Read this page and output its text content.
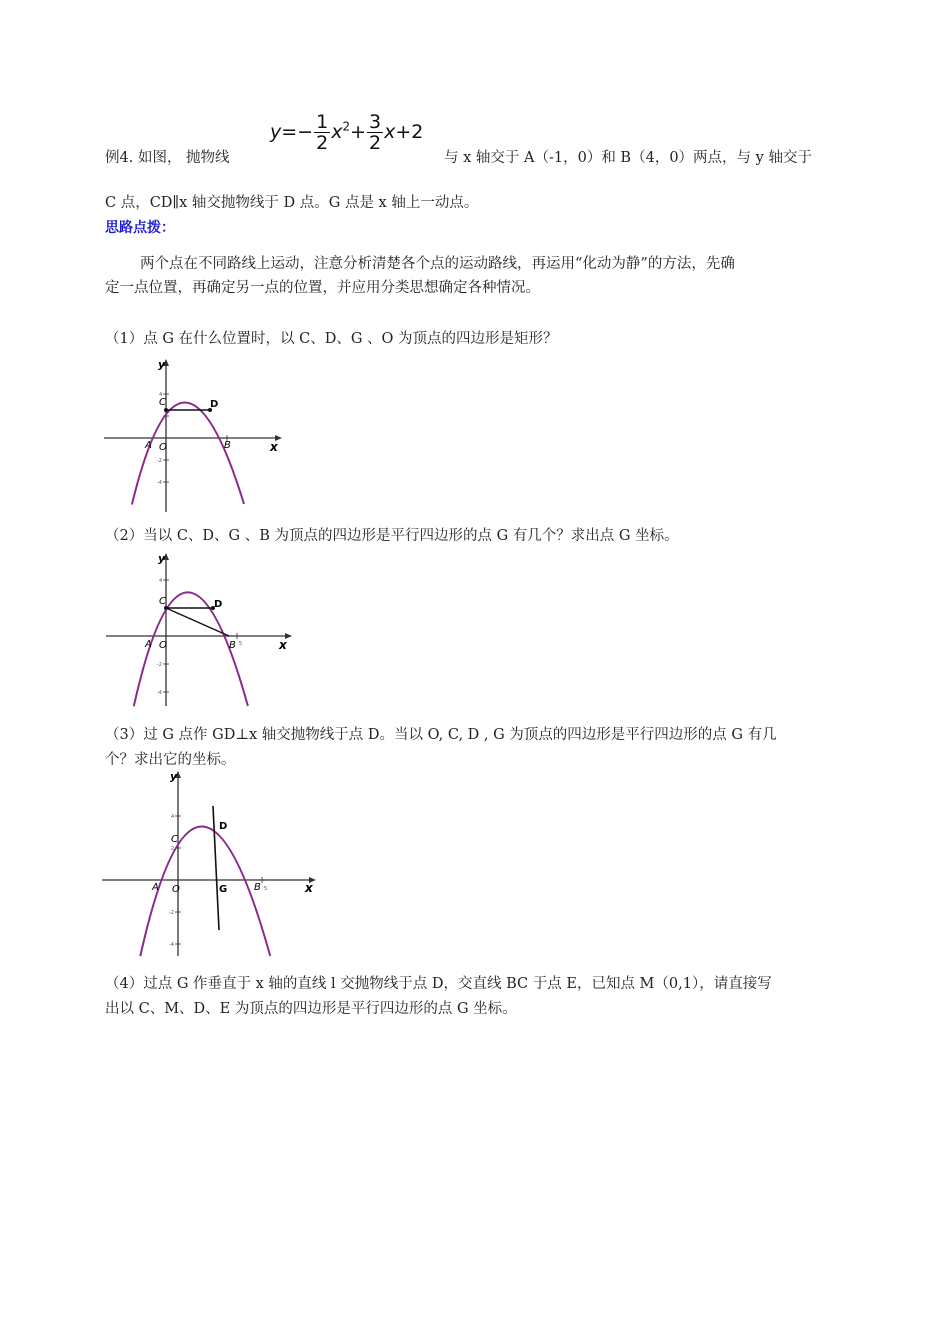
例4. 如图， 抛物线
$y=- \frac{1}{2} x^2+ \frac{3}{2} x+2$
与 x 轴交于 A（-1，0）和 B（4，0）两点，与 y 轴交于
C 点，CD∥x 轴交抛物线于 D 点。G 点是 x 轴上一动点。
思路点拨：
两个点在不同路线上运动，注意分析清楚各个点的运动路线，再运用“化动为静”的方法，先确
定一点位置，再确定另一点的位置，并应用分类思想确定各种情况。
（1）点 G 在什么位置时，以 C、D、G 、O 为顶点的四边形是矩形？
y
x
C	D
A O	B
4
-2
-4
（2）当以 C、D、G 、B 为顶点的四边形是平行四边形的点 G 有几个？求出点 G 坐标。
y
x
C	D
A O	B
4
5
-2
-4
（3）过 G 点作 GD⊥x 轴交抛物线于点 D。当以 O, C, D , G 为顶点的四边形是平行四边形的点 G 有几
个？求出它的坐标。
y
x
C
D
A O	G	B
4
2
5
-2
-4
（4）过点 G 作垂直于 x 轴的直线 l 交抛物线于点 D，交直线 BC 于点 E，已知点 M（0,1），请直接写
出以 C、M、D、E 为顶点的四边形是平行四边形的点 G 坐标。
